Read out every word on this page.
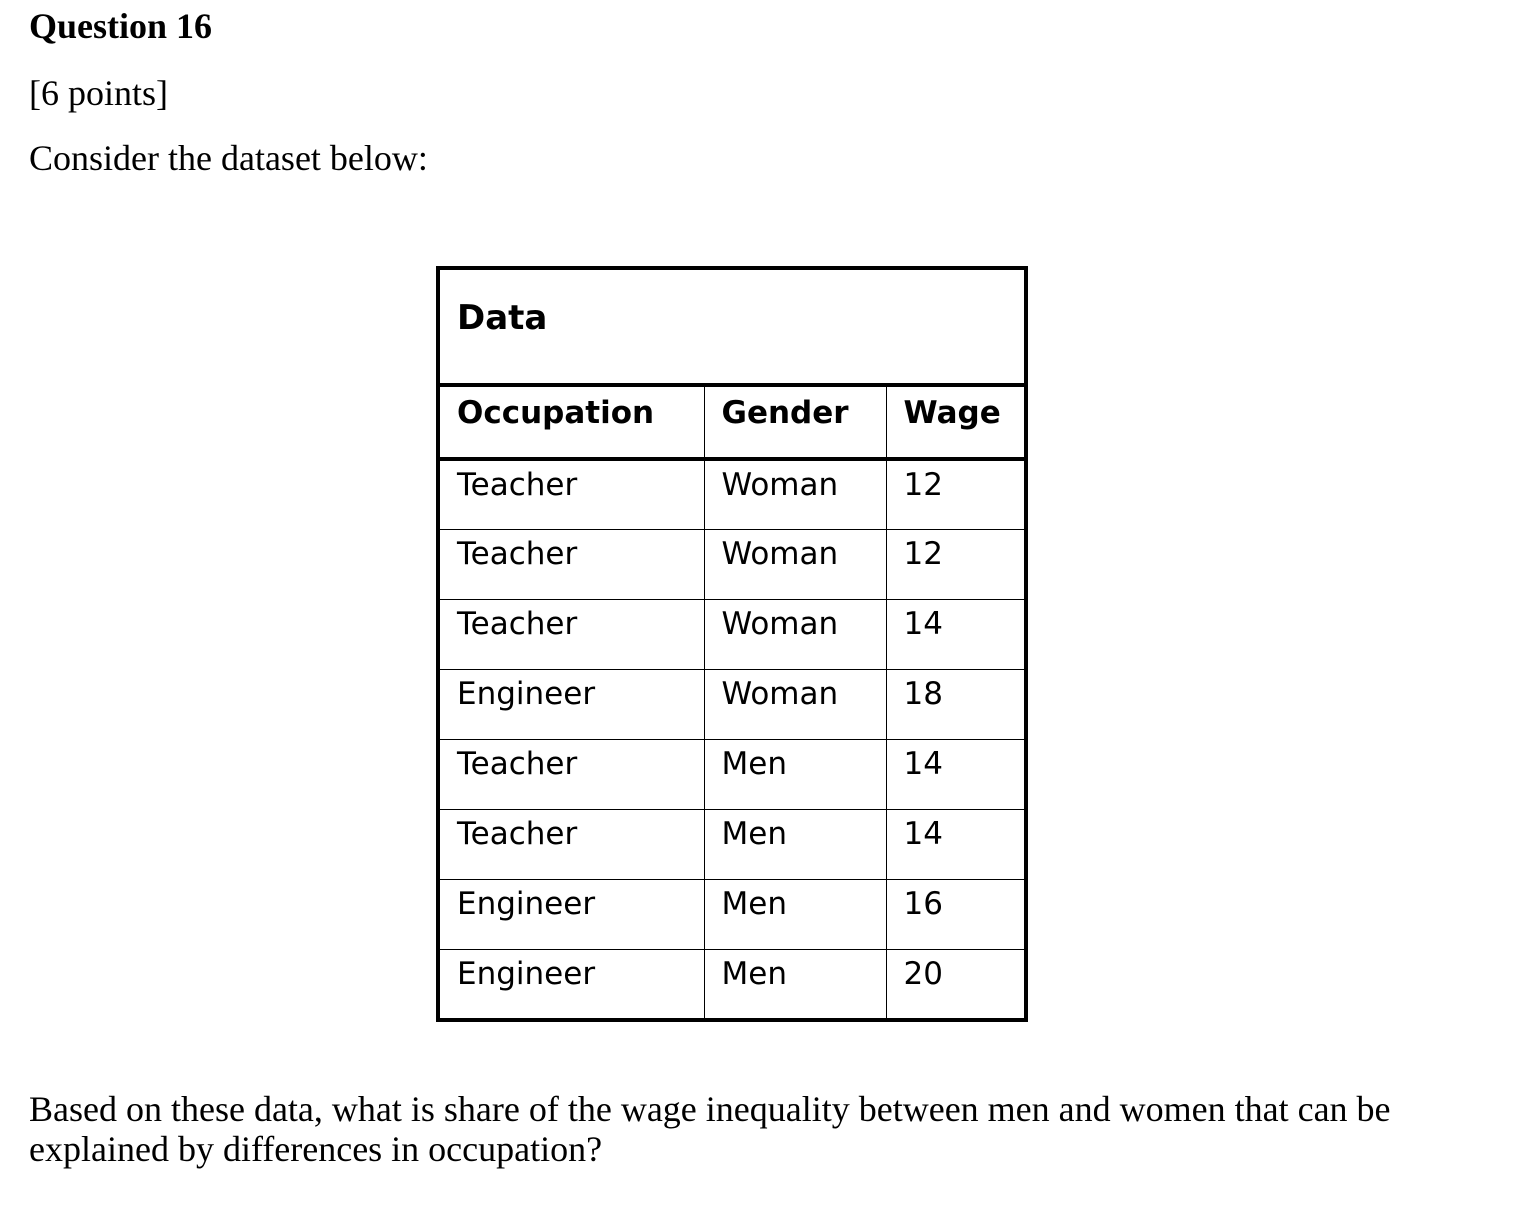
Question 16
[6 points]
Consider the dataset below:
Data		
Occupation	Gender	Wage
Teacher	Woman	12
Teacher	Woman	12
Teacher	Woman	14
Engineer	Woman	18
Teacher	Men	14
Teacher	Men	14
Engineer	Men	16
Engineer	Men	20
Based on these data, what is share of the wage inequality between men and women that can be explained by differences in occupation?
